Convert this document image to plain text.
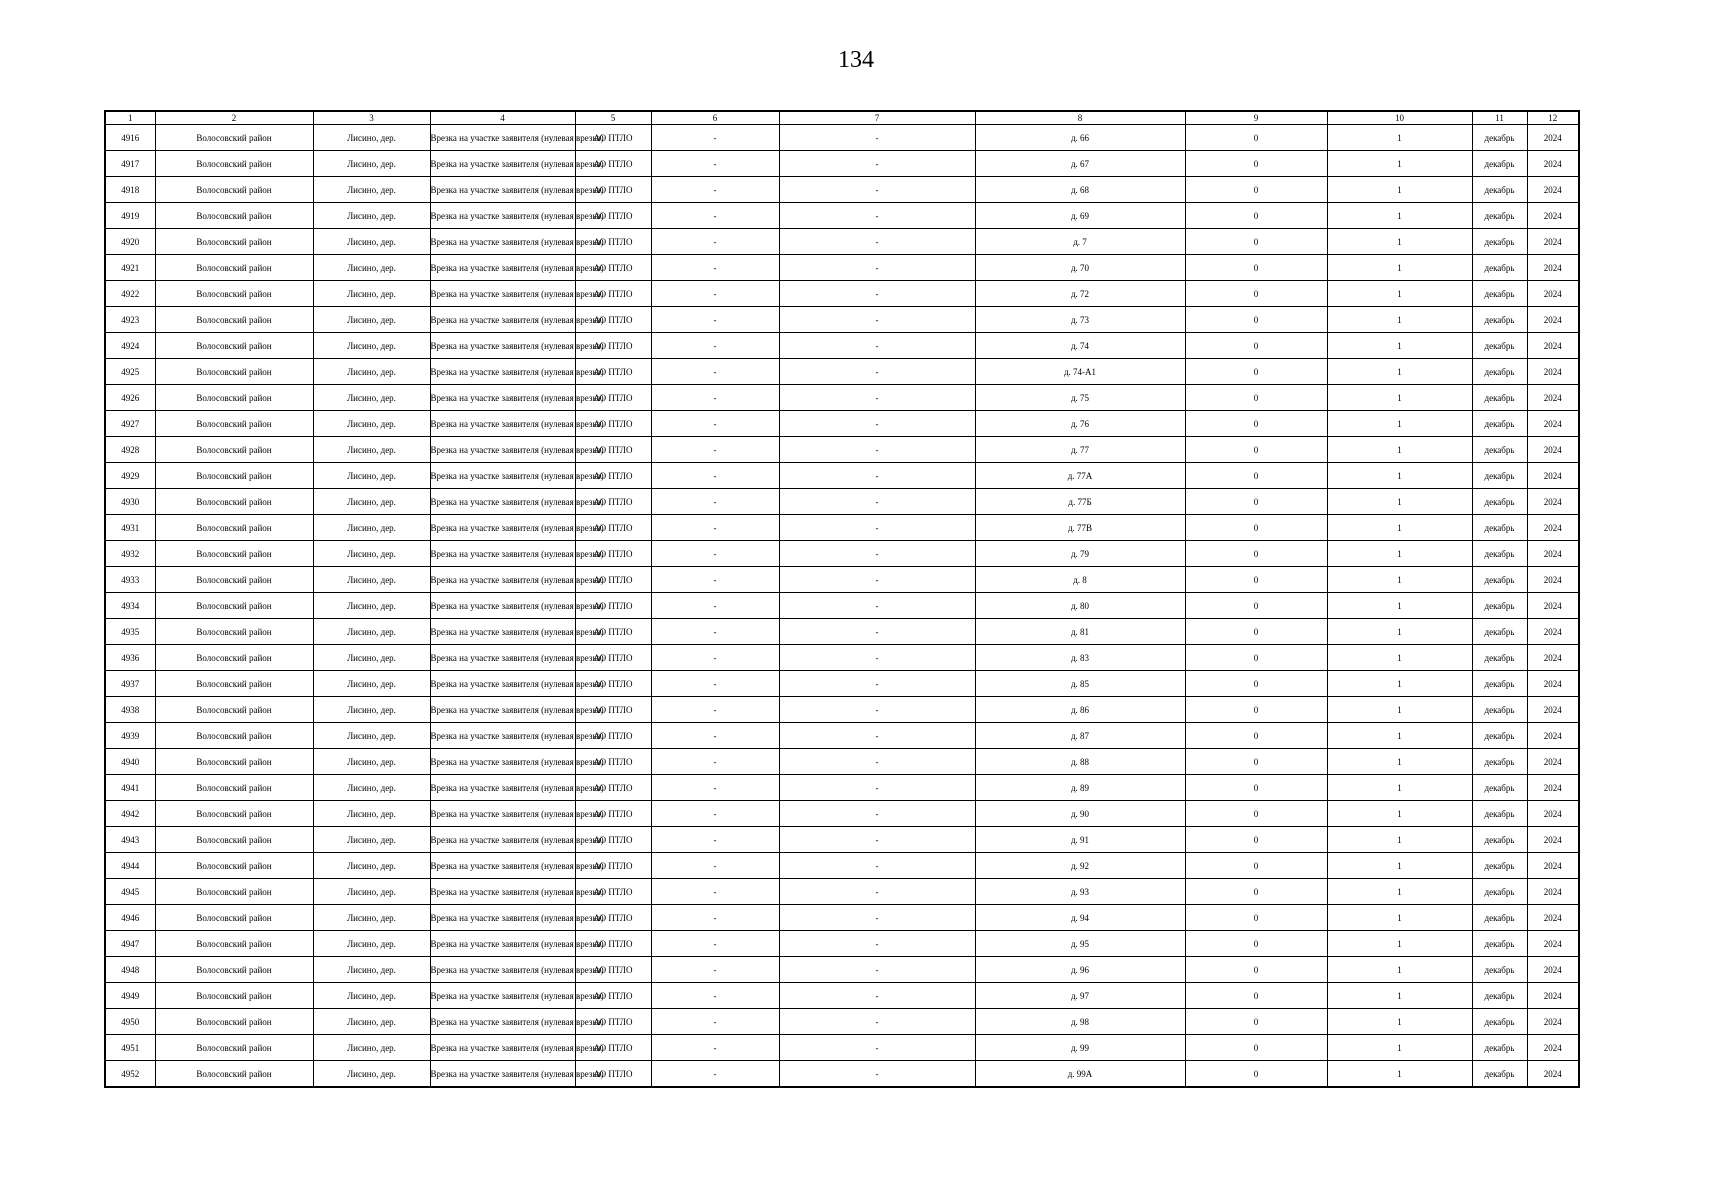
134
1	2	3	4	5	6	7	8	9	10	11	12
4916	Волосовский район	Лисино, дер.	Врезка на участке заявителя (нулевая врезка)	АО ПТЛО	-	-	д. 66	0	1	декабрь	2024
4917	Волосовский район	Лисино, дер.	Врезка на участке заявителя (нулевая врезка)	АО ПТЛО	-	-	д. 67	0	1	декабрь	2024
4918	Волосовский район	Лисино, дер.	Врезка на участке заявителя (нулевая врезка)	АО ПТЛО	-	-	д. 68	0	1	декабрь	2024
4919	Волосовский район	Лисино, дер.	Врезка на участке заявителя (нулевая врезка)	АО ПТЛО	-	-	д. 69	0	1	декабрь	2024
4920	Волосовский район	Лисино, дер.	Врезка на участке заявителя (нулевая врезка)	АО ПТЛО	-	-	д. 7	0	1	декабрь	2024
4921	Волосовский район	Лисино, дер.	Врезка на участке заявителя (нулевая врезка)	АО ПТЛО	-	-	д. 70	0	1	декабрь	2024
4922	Волосовский район	Лисино, дер.	Врезка на участке заявителя (нулевая врезка)	АО ПТЛО	-	-	д. 72	0	1	декабрь	2024
4923	Волосовский район	Лисино, дер.	Врезка на участке заявителя (нулевая врезка)	АО ПТЛО	-	-	д. 73	0	1	декабрь	2024
4924	Волосовский район	Лисино, дер.	Врезка на участке заявителя (нулевая врезка)	АО ПТЛО	-	-	д. 74	0	1	декабрь	2024
4925	Волосовский район	Лисино, дер.	Врезка на участке заявителя (нулевая врезка)	АО ПТЛО	-	-	д. 74-А1	0	1	декабрь	2024
4926	Волосовский район	Лисино, дер.	Врезка на участке заявителя (нулевая врезка)	АО ПТЛО	-	-	д. 75	0	1	декабрь	2024
4927	Волосовский район	Лисино, дер.	Врезка на участке заявителя (нулевая врезка)	АО ПТЛО	-	-	д. 76	0	1	декабрь	2024
4928	Волосовский район	Лисино, дер.	Врезка на участке заявителя (нулевая врезка)	АО ПТЛО	-	-	д. 77	0	1	декабрь	2024
4929	Волосовский район	Лисино, дер.	Врезка на участке заявителя (нулевая врезка)	АО ПТЛО	-	-	д. 77А	0	1	декабрь	2024
4930	Волосовский район	Лисино, дер.	Врезка на участке заявителя (нулевая врезка)	АО ПТЛО	-	-	д. 77Б	0	1	декабрь	2024
4931	Волосовский район	Лисино, дер.	Врезка на участке заявителя (нулевая врезка)	АО ПТЛО	-	-	д. 77В	0	1	декабрь	2024
4932	Волосовский район	Лисино, дер.	Врезка на участке заявителя (нулевая врезка)	АО ПТЛО	-	-	д. 79	0	1	декабрь	2024
4933	Волосовский район	Лисино, дер.	Врезка на участке заявителя (нулевая врезка)	АО ПТЛО	-	-	д. 8	0	1	декабрь	2024
4934	Волосовский район	Лисино, дер.	Врезка на участке заявителя (нулевая врезка)	АО ПТЛО	-	-	д. 80	0	1	декабрь	2024
4935	Волосовский район	Лисино, дер.	Врезка на участке заявителя (нулевая врезка)	АО ПТЛО	-	-	д. 81	0	1	декабрь	2024
4936	Волосовский район	Лисино, дер.	Врезка на участке заявителя (нулевая врезка)	АО ПТЛО	-	-	д. 83	0	1	декабрь	2024
4937	Волосовский район	Лисино, дер.	Врезка на участке заявителя (нулевая врезка)	АО ПТЛО	-	-	д. 85	0	1	декабрь	2024
4938	Волосовский район	Лисино, дер.	Врезка на участке заявителя (нулевая врезка)	АО ПТЛО	-	-	д. 86	0	1	декабрь	2024
4939	Волосовский район	Лисино, дер.	Врезка на участке заявителя (нулевая врезка)	АО ПТЛО	-	-	д. 87	0	1	декабрь	2024
4940	Волосовский район	Лисино, дер.	Врезка на участке заявителя (нулевая врезка)	АО ПТЛО	-	-	д. 88	0	1	декабрь	2024
4941	Волосовский район	Лисино, дер.	Врезка на участке заявителя (нулевая врезка)	АО ПТЛО	-	-	д. 89	0	1	декабрь	2024
4942	Волосовский район	Лисино, дер.	Врезка на участке заявителя (нулевая врезка)	АО ПТЛО	-	-	д. 90	0	1	декабрь	2024
4943	Волосовский район	Лисино, дер.	Врезка на участке заявителя (нулевая врезка)	АО ПТЛО	-	-	д. 91	0	1	декабрь	2024
4944	Волосовский район	Лисино, дер.	Врезка на участке заявителя (нулевая врезка)	АО ПТЛО	-	-	д. 92	0	1	декабрь	2024
4945	Волосовский район	Лисино, дер.	Врезка на участке заявителя (нулевая врезка)	АО ПТЛО	-	-	д. 93	0	1	декабрь	2024
4946	Волосовский район	Лисино, дер.	Врезка на участке заявителя (нулевая врезка)	АО ПТЛО	-	-	д. 94	0	1	декабрь	2024
4947	Волосовский район	Лисино, дер.	Врезка на участке заявителя (нулевая врезка)	АО ПТЛО	-	-	д. 95	0	1	декабрь	2024
4948	Волосовский район	Лисино, дер.	Врезка на участке заявителя (нулевая врезка)	АО ПТЛО	-	-	д. 96	0	1	декабрь	2024
4949	Волосовский район	Лисино, дер.	Врезка на участке заявителя (нулевая врезка)	АО ПТЛО	-	-	д. 97	0	1	декабрь	2024
4950	Волосовский район	Лисино, дер.	Врезка на участке заявителя (нулевая врезка)	АО ПТЛО	-	-	д. 98	0	1	декабрь	2024
4951	Волосовский район	Лисино, дер.	Врезка на участке заявителя (нулевая врезка)	АО ПТЛО	-	-	д. 99	0	1	декабрь	2024
4952	Волосовский район	Лисино, дер.	Врезка на участке заявителя (нулевая врезка)	АО ПТЛО	-	-	д. 99А	0	1	декабрь	2024
